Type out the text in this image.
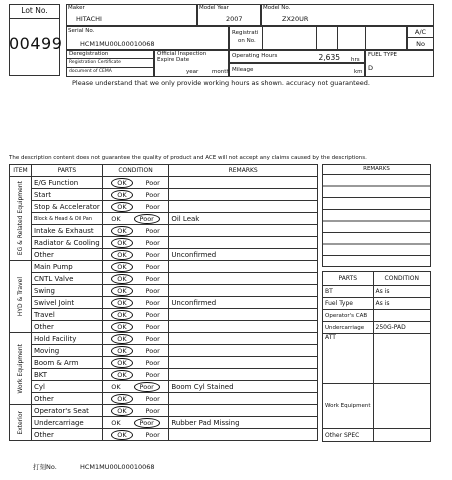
Lot No.
00499
Maker
HITACHI
Model Year
2007
Model No.
ZX20UR
Serial No.
HCM1MU00L00010068
Registrati
on No.
A/C
No
Deregistration
Registration Certificate
document of CEMA
Official Inspection
Expire Date
year month
Operating Hours	2,635 hrs
Mileage	km
FUEL TYPE
D
Please understand that we only provide working hours as shown. accuracy not guaranteed.
The description content does not guarantee the quality of product and ACE will not accept any claims caused by the descriptions.
ITEM	PARTS	CONDITION	REMARKS

EG & Related Equipment	E/G Function	OK Poor	

	Start	OK Poor	

	Stop & Accelerator	OK Poor	

	Block & Head & Oil Pan	OK Poor	Oil Leak
	Intake & Exhaust	OK Poor	

	Radiator & Cooling	OK Poor	

	Other	OK Poor	Unconfirmed

HYD & Travel	Main Pump	OK Poor	

	CNTL Valve	OK Poor	

	Swing	OK Poor	

	Swivel Joint	OK Poor	Unconfirmed
	Travel	OK Poor	

	Other	OK Poor	

Work Equipment	Hold Facility	OK Poor	

	Moving	OK Poor	

	Boom & Arm	OK Poor	

	BKT	OK Poor	

	Cyl	OK Poor	Boom Cyl Stained
	Other	OK Poor	

Exterior	Operator's Seat	OK Poor	

	Undercarriage	OK Poor	Rubber Pad Missing
	Other	OK Poor	

REMARKS
PARTS	CONDITION
BT	As is
Fuel Type	As is
Operator's CAB	
Undercarriage	250G-PAD
ATT	
Work Equipment	
Other SPEC	
打刻No.	HCM1MU00L00010068
